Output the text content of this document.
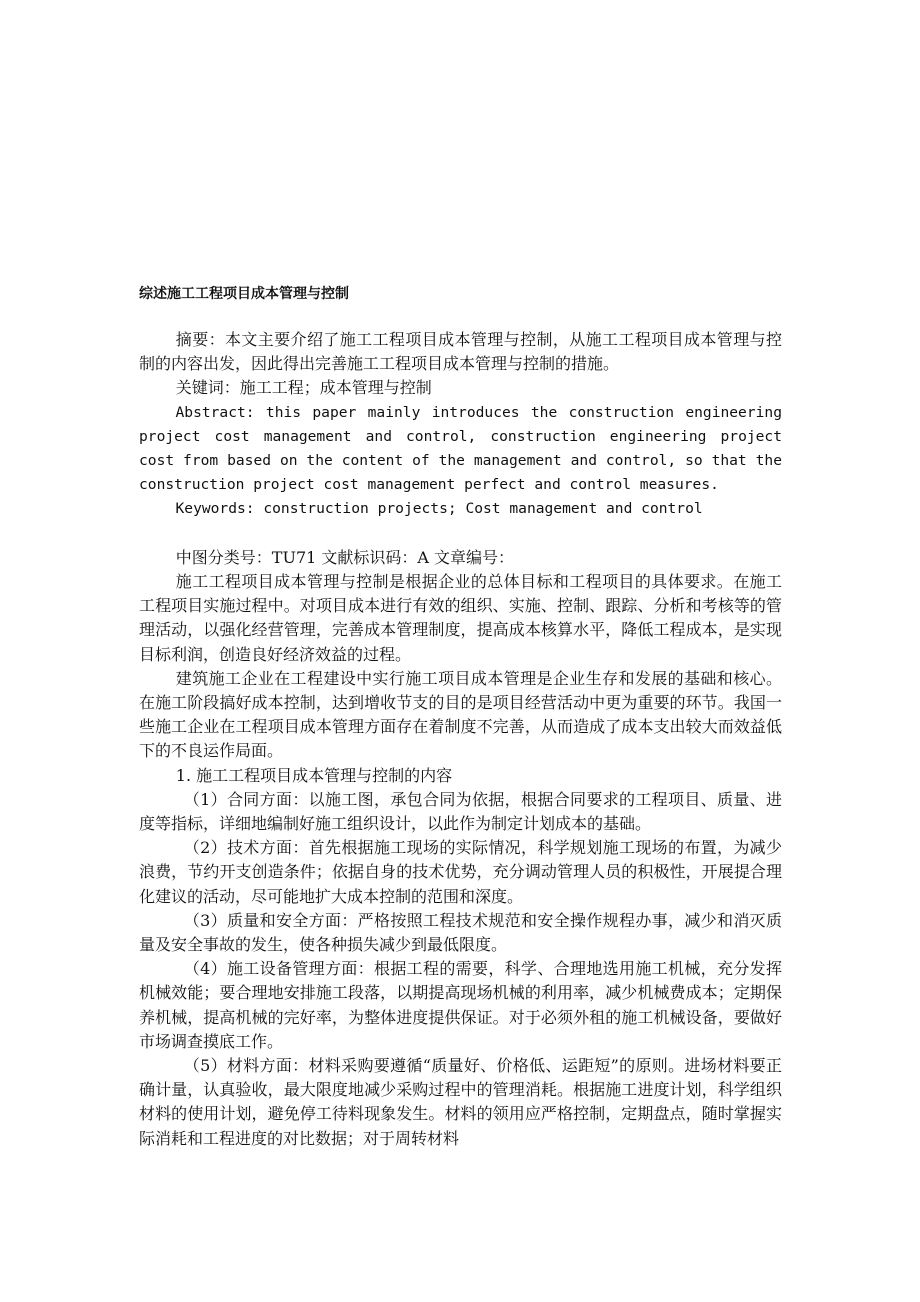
综述施工工程项目成本管理与控制

摘要：本文主要介绍了施工工程项目成本管理与控制，从施工工程项目成本管理与控制的内容出发，因此得出完善施工工程项目成本管理与控制的措施。

关键词：施工工程；成本管理与控制

Abstract: this paper mainly introduces the construction engineering project cost management and control, construction engineering project cost from based on the content of the management and control, so that the construction project cost management perfect and control measures.

Keywords: construction projects; Cost management and control

中图分类号：TU71 文献标识码：A 文章编号：

施工工程项目成本管理与控制是根据企业的总体目标和工程项目的具体要求。在施工工程项目实施过程中。对项目成本进行有效的组织、实施、控制、跟踪、分析和考核等的管理活动，以强化经营管理，完善成本管理制度，提高成本核算水平，降低工程成本，是实现目标利润，创造良好经济效益的过程。

建筑施工企业在工程建设中实行施工项目成本管理是企业生存和发展的基础和核心。在施工阶段搞好成本控制，达到增收节支的目的是项目经营活动中更为重要的环节。我国一些施工企业在工程项目成本管理方面存在着制度不完善，从而造成了成本支出较大而效益低下的不良运作局面。

1. 施工工程项目成本管理与控制的内容

（1）合同方面：以施工图，承包合同为依据，根据合同要求的工程项目、质量、进度等指标，详细地编制好施工组织设计，以此作为制定计划成本的基础。

（2）技术方面：首先根据施工现场的实际情况，科学规划施工现场的布置，为减少浪费，节约开支创造条件；依据自身的技术优势，充分调动管理人员的积极性，开展提合理化建议的活动，尽可能地扩大成本控制的范围和深度。

（3）质量和安全方面：严格按照工程技术规范和安全操作规程办事，减少和消灭质量及安全事故的发生，使各种损失减少到最低限度。

（4）施工设备管理方面：根据工程的需要，科学、合理地选用施工机械，充分发挥机械效能；要合理地安排施工段落，以期提高现场机械的利用率，减少机械费成本；定期保养机械，提高机械的完好率，为整体进度提供保证。对于必须外租的施工机械设备，要做好市场调查摸底工作。

（5）材料方面：材料采购要遵循“质量好、价格低、运距短”的原则。进场材料要正确计量，认真验收，最大限度地减少采购过程中的管理消耗。根据施工进度计划，科学组织材料的使用计划，避免停工待料现象发生。材料的领用应严格控制，定期盘点，随时掌握实际消耗和工程进度的对比数据；对于周转材料
